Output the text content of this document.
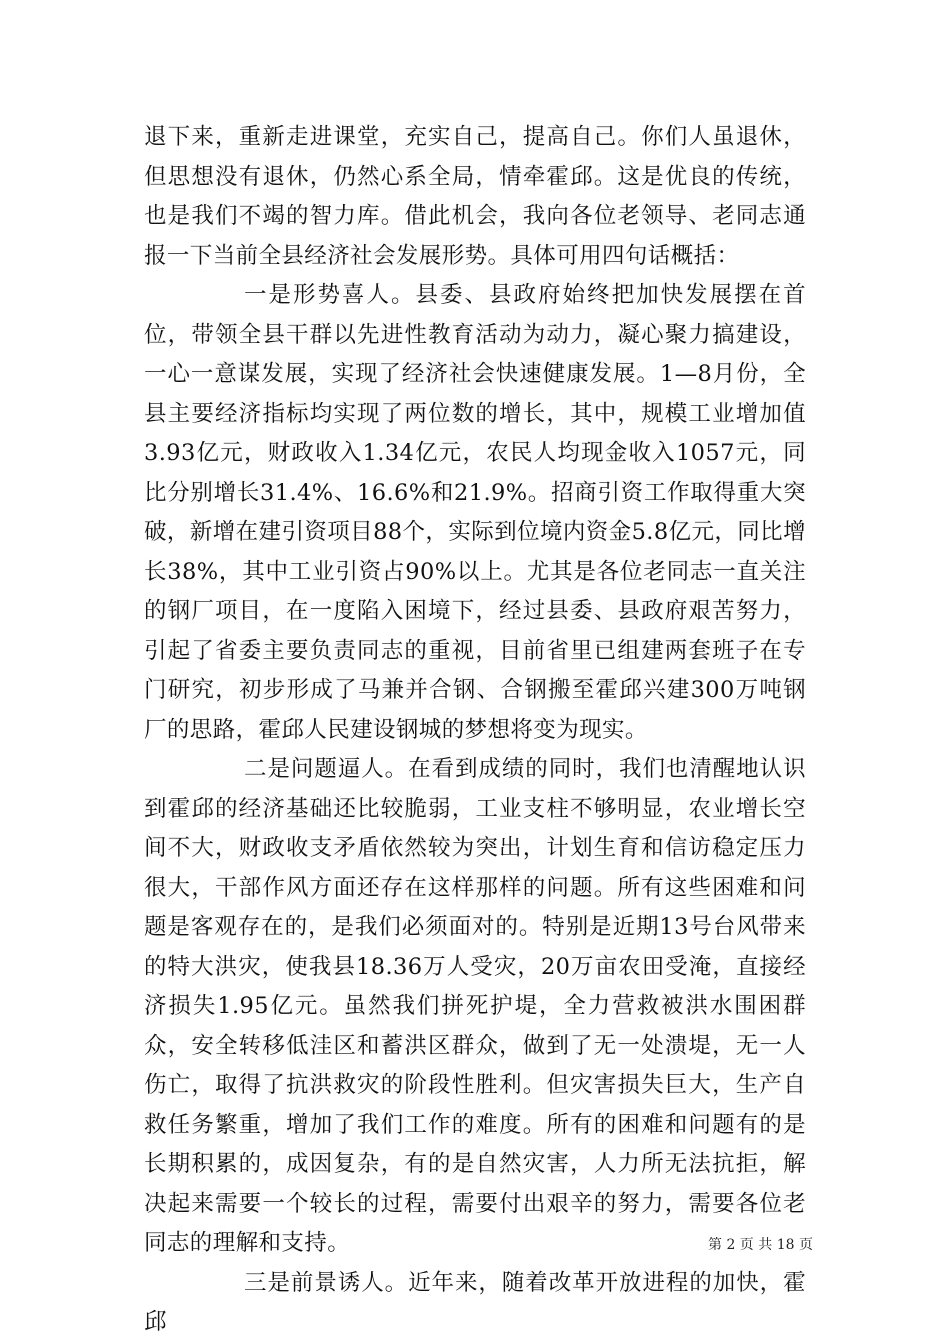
退下来，重新走进课堂，充实自己，提高自己。你们人虽退休，但思想没有退休，仍然心系全局，情牵霍邱。这是优良的传统，也是我们不竭的智力库。借此机会，我向各位老领导、老同志通报一下当前全县经济社会发展形势。具体可用四句话概括：

一是形势喜人。县委、县政府始终把加快发展摆在首位，带领全县干群以先进性教育活动为动力，凝心聚力搞建设，一心一意谋发展，实现了经济社会快速健康发展。1—8月份，全县主要经济指标均实现了两位数的增长，其中，规模工业增加值3.93亿元，财政收入1.34亿元，农民人均现金收入1057元，同比分别增长31.4%、16.6%和21.9%。招商引资工作取得重大突破，新增在建引资项目88个，实际到位境内资金5.8亿元，同比增长38%，其中工业引资占90%以上。尤其是各位老同志一直关注的钢厂项目，在一度陷入困境下，经过县委、县政府艰苦努力，引起了省委主要负责同志的重视，目前省里已组建两套班子在专门研究，初步形成了马兼并合钢、合钢搬至霍邱兴建300万吨钢厂的思路，霍邱人民建设钢城的梦想将变为现实。

二是问题逼人。在看到成绩的同时，我们也清醒地认识到霍邱的经济基础还比较脆弱，工业支柱不够明显，农业增长空间不大，财政收支矛盾依然较为突出，计划生育和信访稳定压力很大，干部作风方面还存在这样那样的问题。所有这些困难和问题是客观存在的，是我们必须面对的。特别是近期13号台风带来的特大洪灾，使我县18.36万人受灾，20万亩农田受淹，直接经济损失1.95亿元。虽然我们拼死护堤，全力营救被洪水围困群众，安全转移低洼区和蓄洪区群众，做到了无一处溃堤，无一人伤亡，取得了抗洪救灾的阶段性胜利。但灾害损失巨大，生产自救任务繁重，增加了我们工作的难度。所有的困难和问题有的是长期积累的，成因复杂，有的是自然灾害，人力所无法抗拒，解决起来需要一个较长的过程，需要付出艰辛的努力，需要各位老同志的理解和支持。

三是前景诱人。近年来，随着改革开放进程的加快，霍邱

第 2 页 共 18 页
